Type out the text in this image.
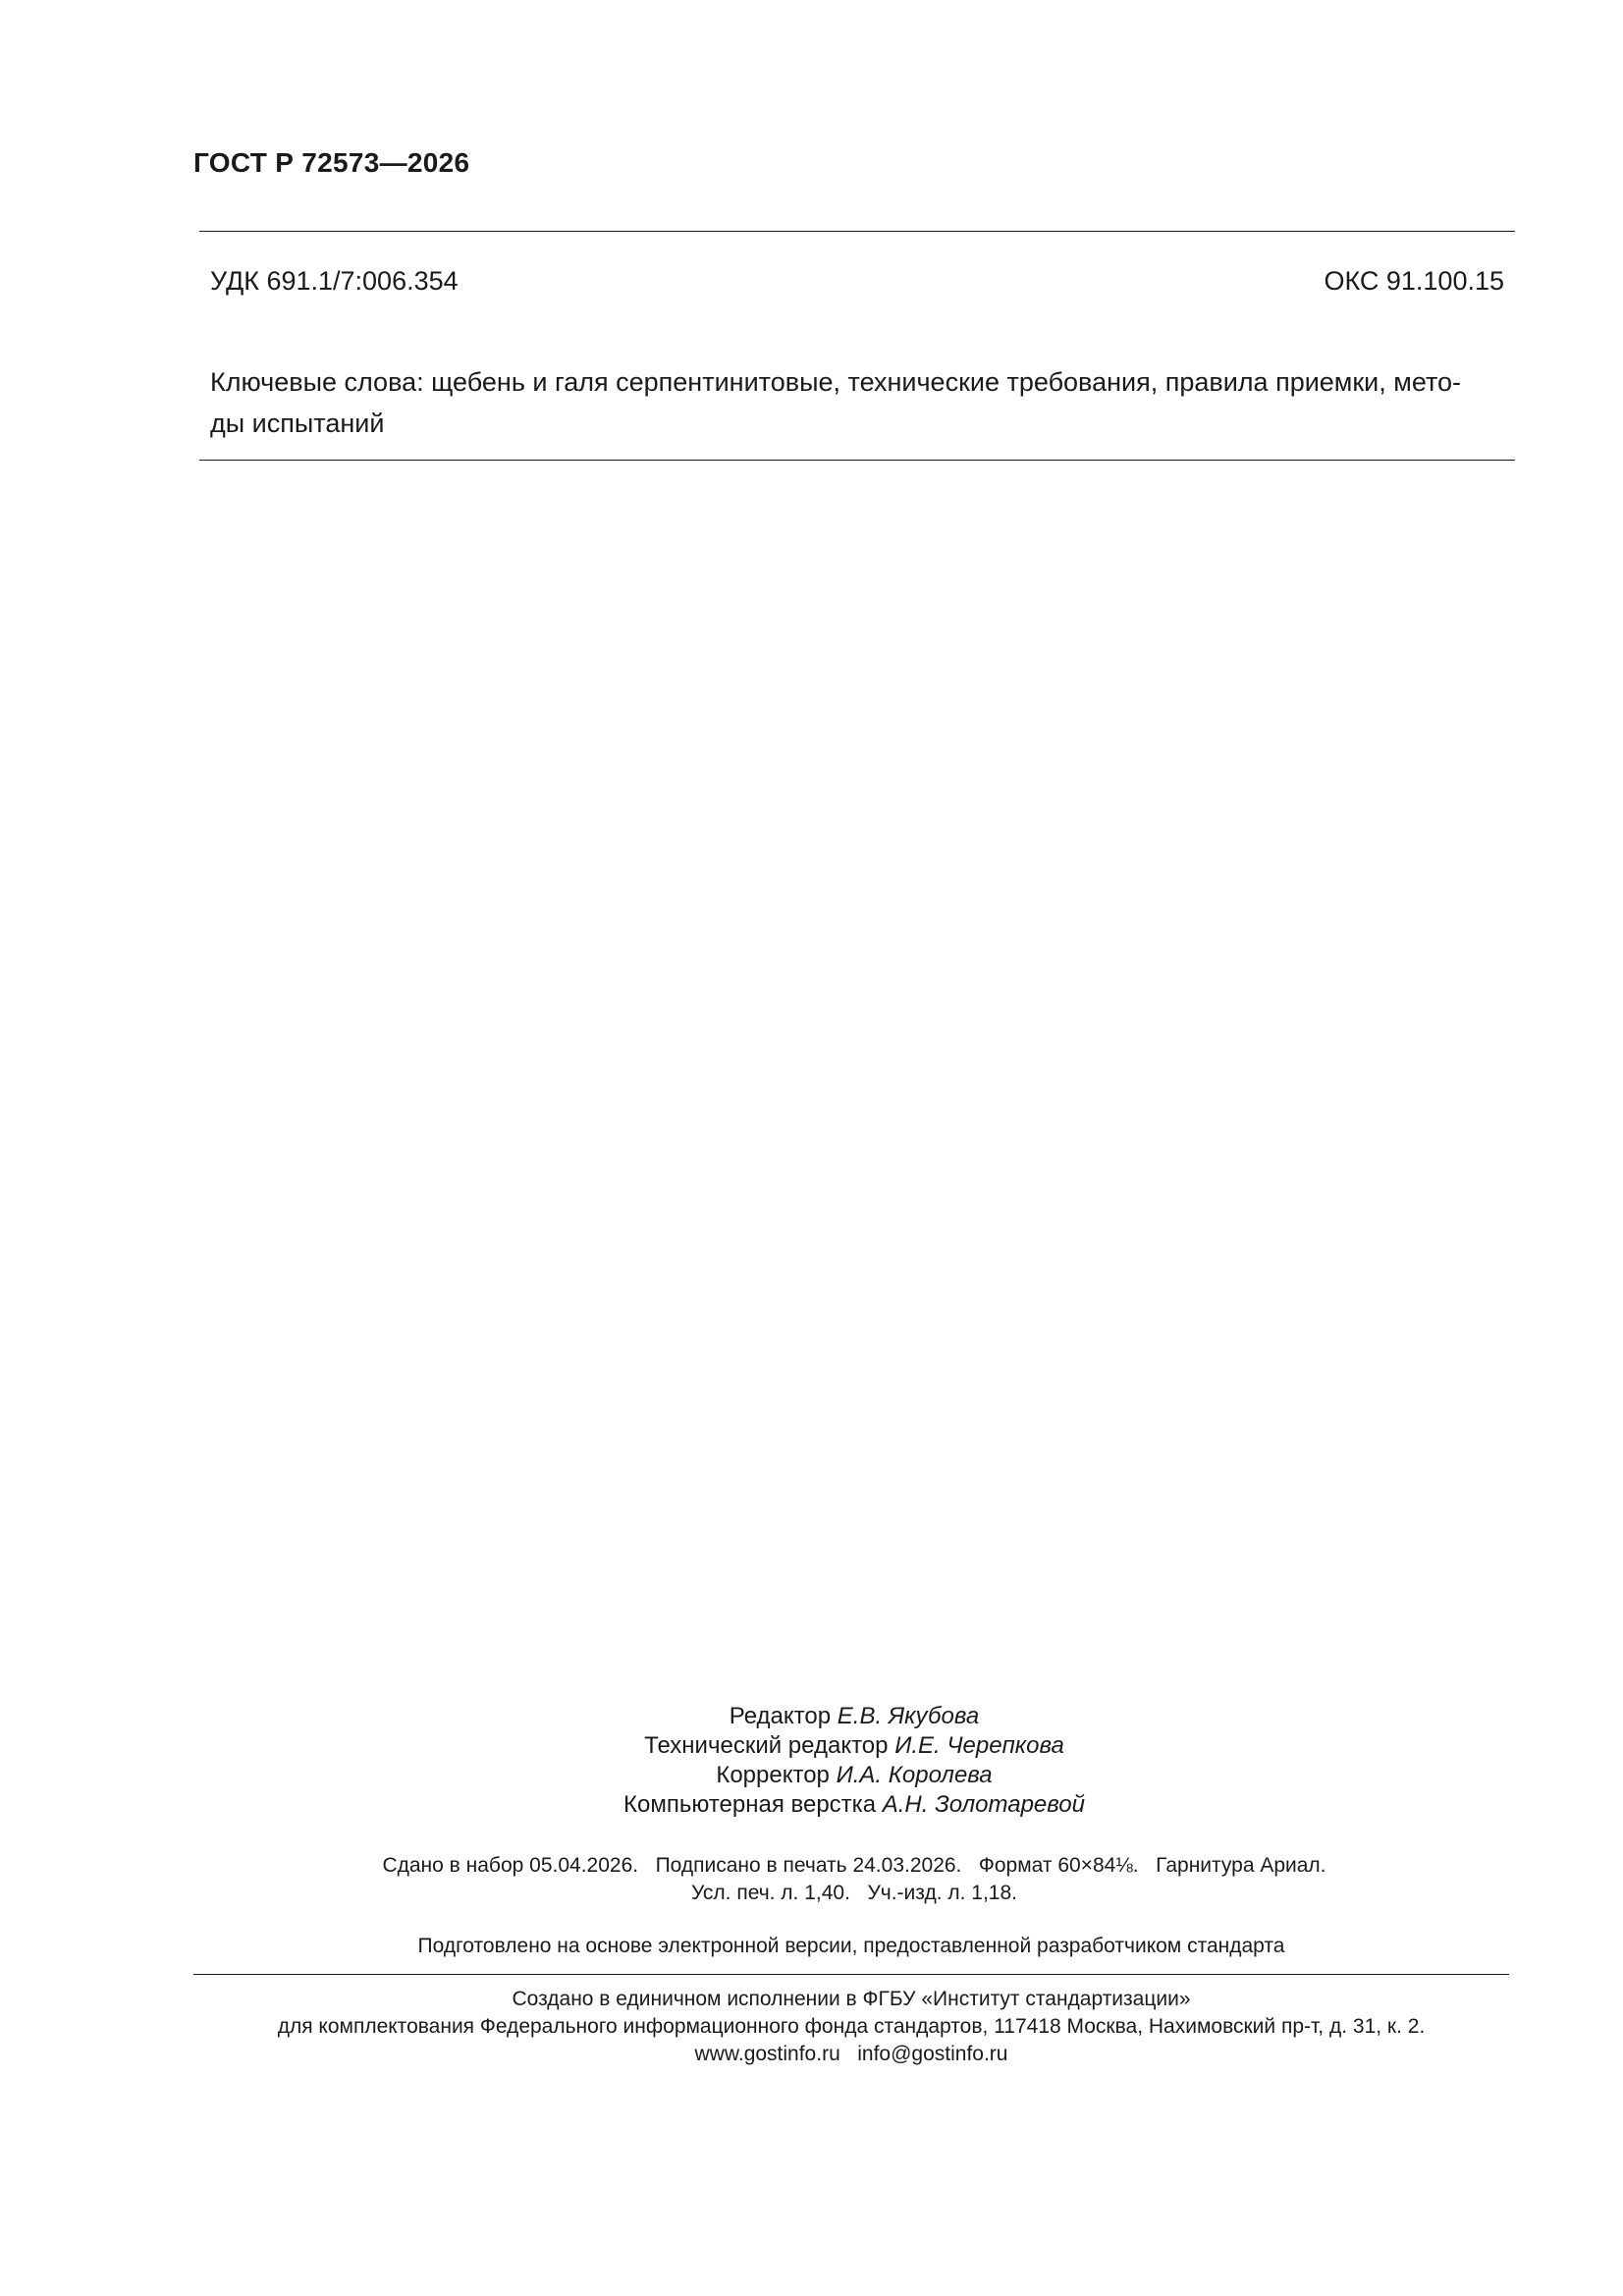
ГОСТ Р 72573—2026
УДК 691.1/7:006.354	ОКС 91.100.15
Ключевые слова: щебень и галя серпентинитовые, технические требования, правила приемки, мето-
ды испытаний
Редактор Е.В. Якубова
Технический редактор И.Е. Черепкова
Корректор И.А. Королева
Компьютерная верстка А.Н. Золотаревой
Сдано в набор 05.04.2026.   Подписано в печать 24.03.2026.   Формат 60×84⅛.   Гарнитура Ариал.
Усл. печ. л. 1,40.   Уч.-изд. л. 1,18.
Подготовлено на основе электронной версии, предоставленной разработчиком стандарта
Создано в единичном исполнении в ФГБУ «Институт стандартизации»
для комплектования Федерального информационного фонда стандартов, 117418 Москва, Нахимовский пр-т, д. 31, к. 2.
www.gostinfo.ru   info@gostinfo.ru
